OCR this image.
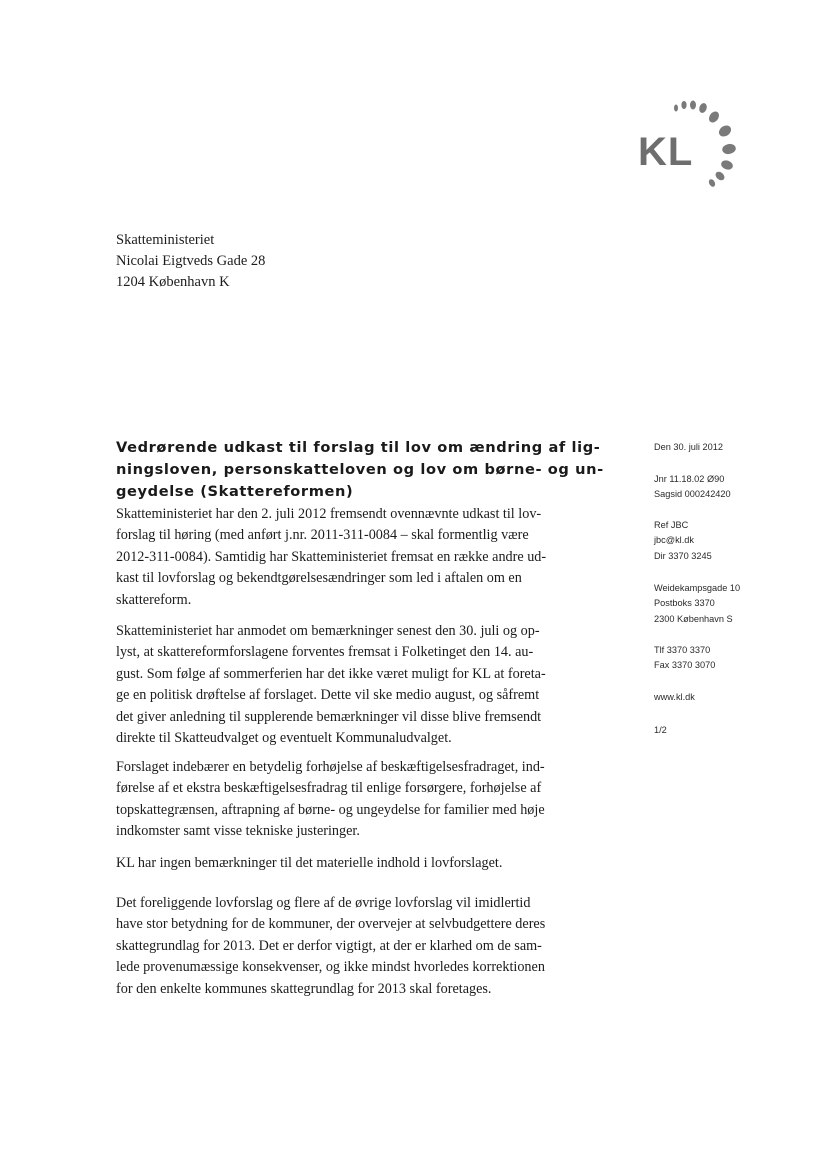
KL
Skatteministeriet
Nicolai Eigtveds Gade 28
1204 København K
Vedrørende udkast til forslag til lov om ændring af lig-
ningsloven, personskatteloven og lov om børne- og un-
geydelse (Skattereformen)
Skatteministeriet har den 2. juli 2012 fremsendt ovennævnte udkast til lov-
forslag til høring (med anført j.nr. 2011-311-0084 – skal formentlig være
2012-311-0084). Samtidig har Skatteministeriet fremsat en række andre ud-
kast til lovforslag og bekendtgørelsesændringer som led i aftalen om en
skattereform.
Skatteministeriet har anmodet om bemærkninger senest den 30. juli og op-
lyst, at skattereformforslagene forventes fremsat i Folketinget den 14. au-
gust. Som følge af sommerferien har det ikke været muligt for KL at foreta-
ge en politisk drøftelse af forslaget. Dette vil ske medio august, og såfremt
det giver anledning til supplerende bemærkninger vil disse blive fremsendt
direkte til Skatteudvalget og eventuelt Kommunaludvalget.
Forslaget indebærer en betydelig forhøjelse af beskæftigelsesfradraget, ind-
førelse af et ekstra beskæftigelsesfradrag til enlige forsørgere, forhøjelse af
topskattegrænsen, aftrapning af børne- og ungeydelse for familier med høje
indkomster samt visse tekniske justeringer.
KL har ingen bemærkninger til det materielle indhold i lovforslaget.
Det foreliggende lovforslag og flere af de øvrige lovforslag vil imidlertid
have stor betydning for de kommuner, der overvejer at selvbudgettere deres
skattegrundlag for 2013. Det er derfor vigtigt, at der er klarhed om de sam-
lede provenumæssige konsekvenser, og ikke mindst hvorledes korrektionen
for den enkelte kommunes skattegrundlag for 2013 skal foretages.
Den 30. juli 2012
Jnr 11.18.02 Ø90
Sagsid 000242420
Ref JBC
jbc@kl.dk
Dir 3370 3245
Weidekampsgade 10
Postboks 3370
2300 København S
Tlf 3370 3370
Fax 3370 3070
www.kl.dk
1/2
